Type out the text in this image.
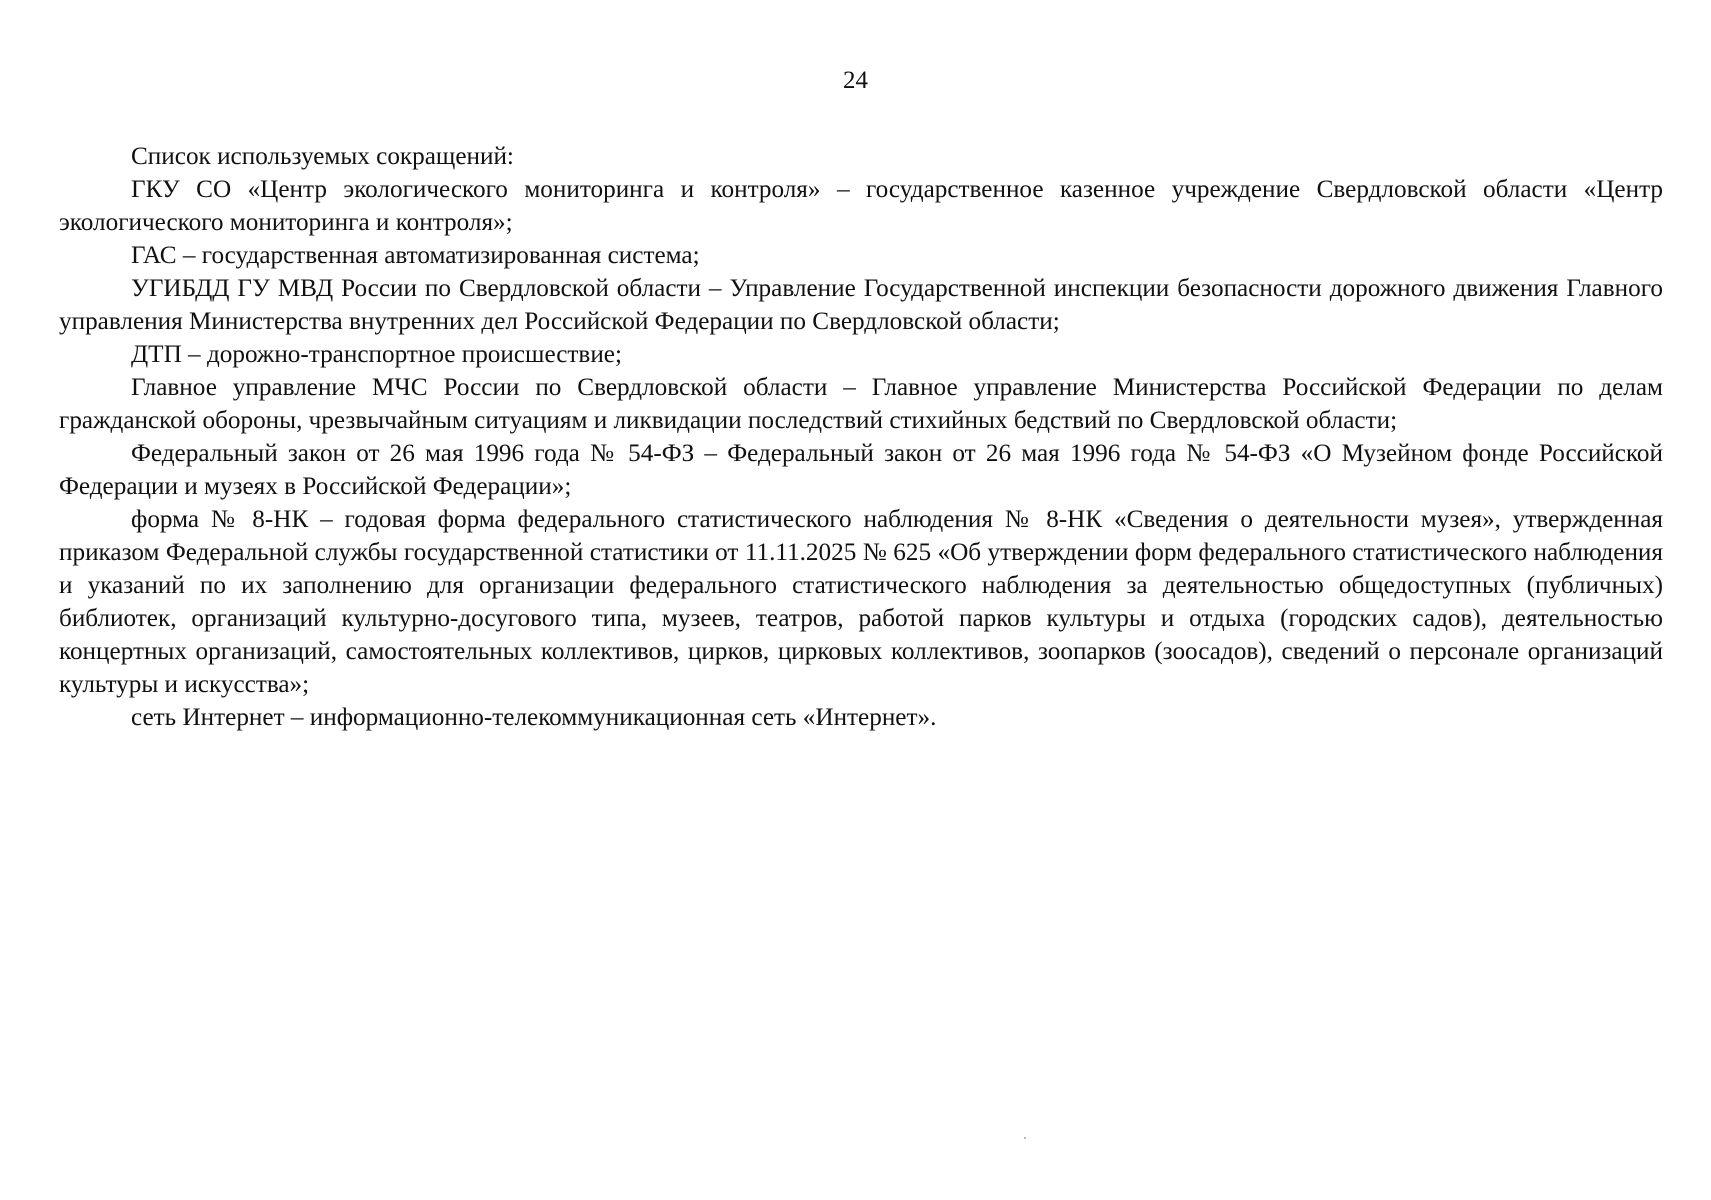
24

Список используемых сокращений:

ГКУ СО «Центр экологического мониторинга и контроля» – государственное казенное учреждение Свердловской области «Центр экологического мониторинга и контроля»;

ГАС – государственная автоматизированная система;

УГИБДД ГУ МВД России по Свердловской области – Управление Государственной инспекции безопасности дорожного движения Главного управления Министерства внутренних дел Российской Федерации по Свердловской области;

ДТП – дорожно-транспортное происшествие;

Главное управление МЧС России по Свердловской области – Главное управление Министерства Российской Федерации по делам гражданской обороны, чрезвычайным ситуациям и ликвидации последствий стихийных бедствий по Свердловской области;

Федеральный закон от 26 мая 1996 года № 54-ФЗ – Федеральный закон от 26 мая 1996 года № 54-ФЗ «О Музейном фонде Российской Федерации и музеях в Российской Федерации»;

форма № 8-НК – годовая форма федерального статистического наблюдения № 8-НК «Сведения о деятельности музея», утвержденная приказом Федеральной службы государственной статистики от 11.11.2025 № 625 «Об утверждении форм федерального статистического наблюдения и указаний по их заполнению для организации федерального статистического наблюдения за деятельностью общедоступных (публичных) библиотек, организаций культурно-досугового типа, музеев, театров, работой парков культуры и отдыха (городских садов), деятельностью концертных организаций, самостоятельных коллективов, цирков, цирковых коллективов, зоопарков (зоосадов), сведений о персонале организаций культуры и искусства»;

сеть Интернет – информационно-телекоммуникационная сеть «Интернет».
